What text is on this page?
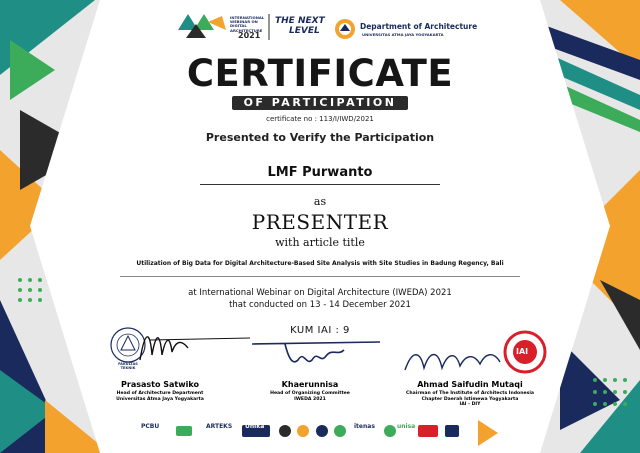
INTERNATIONAL
WEBINAR ON
DIGITAL
ARCHITECTURE
2021
THE NEXT
LEVEL	Department of Architecture
UNIVERSITAS ATMA JAYA YOGYAKARTA
CERTIFICATE
OF PARTICIPATION
certificate no : 113/I/IWD/2021
Presented to Verify the Participation
LMF Purwanto
as
PRESENTER
with article title
Utilization of Big Data for Digital Architecture-Based Site Analysis with Site Studies in Badung Regency, Bali
at International Webinar on Digital Architecture (IWEDA) 2021
that conducted on 13 - 14 December 2021
KUM IAI : 9
FAKULTAS
TEKNIK
IAI
Prasasto Satwiko
Head of Architecture Department
Universitas Atma Jaya Yogyakarta
Khaerunnisa
Head of Organizing Committee
IWEDA 2021
Ahmad Saifudin Mutaqi
Chairman of The Institute of Architects Indonesia
Chapter Daerah Istimewa Yogyakarta
IAI - DIY
PCBU	ARTEKS Unika	itenas	unisa
